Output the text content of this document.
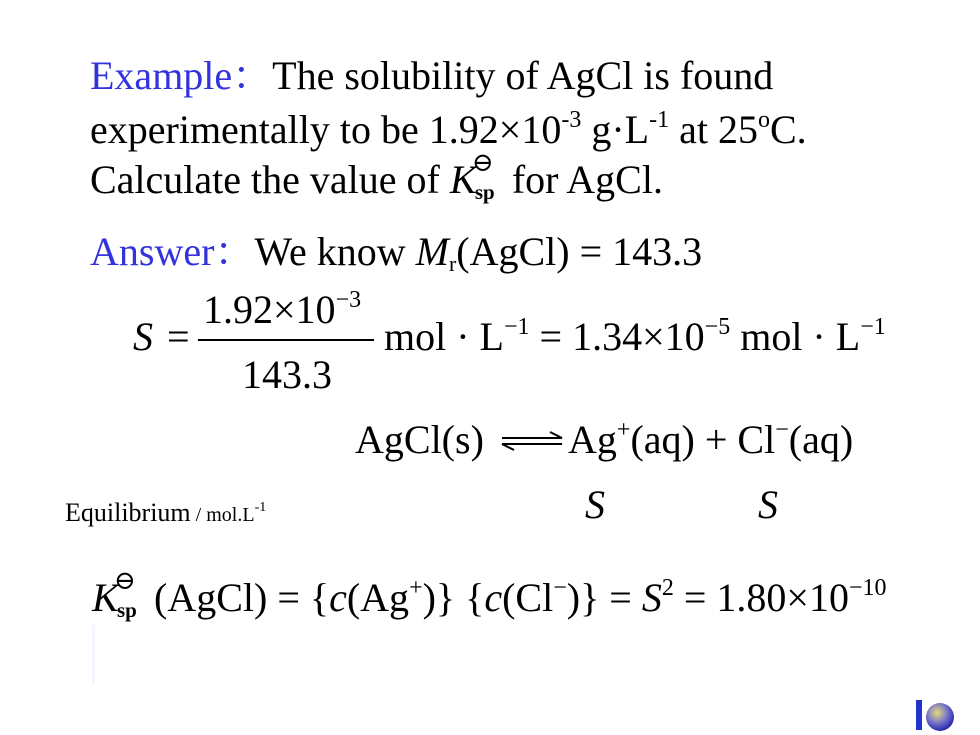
Example：The solubility of AgCl is found
experimentally to be $1.92\times 10^{-3}$ $g\cdot L^{-1}$ at 25$^o$C.
Calculate the value of K
⊖
sp for AgCl.
Answer：We know $M_r(AgCl) = 143.3$
S =
$1.92\times 10^{-3}$
143.3
mol · $L^{-1} = 1.34\times 10^{-5}$ mol · $L^{-1}$
AgCl(s) Ag+(aq) + Cl−(aq)
Equilibrium / $mol.L^{-1}$	S	S
K
⊖
sp (AgCl) = {c(Ag+)} $\{c(Cl^-)\} = S^2 = 1.80\times 10^{-10}$
